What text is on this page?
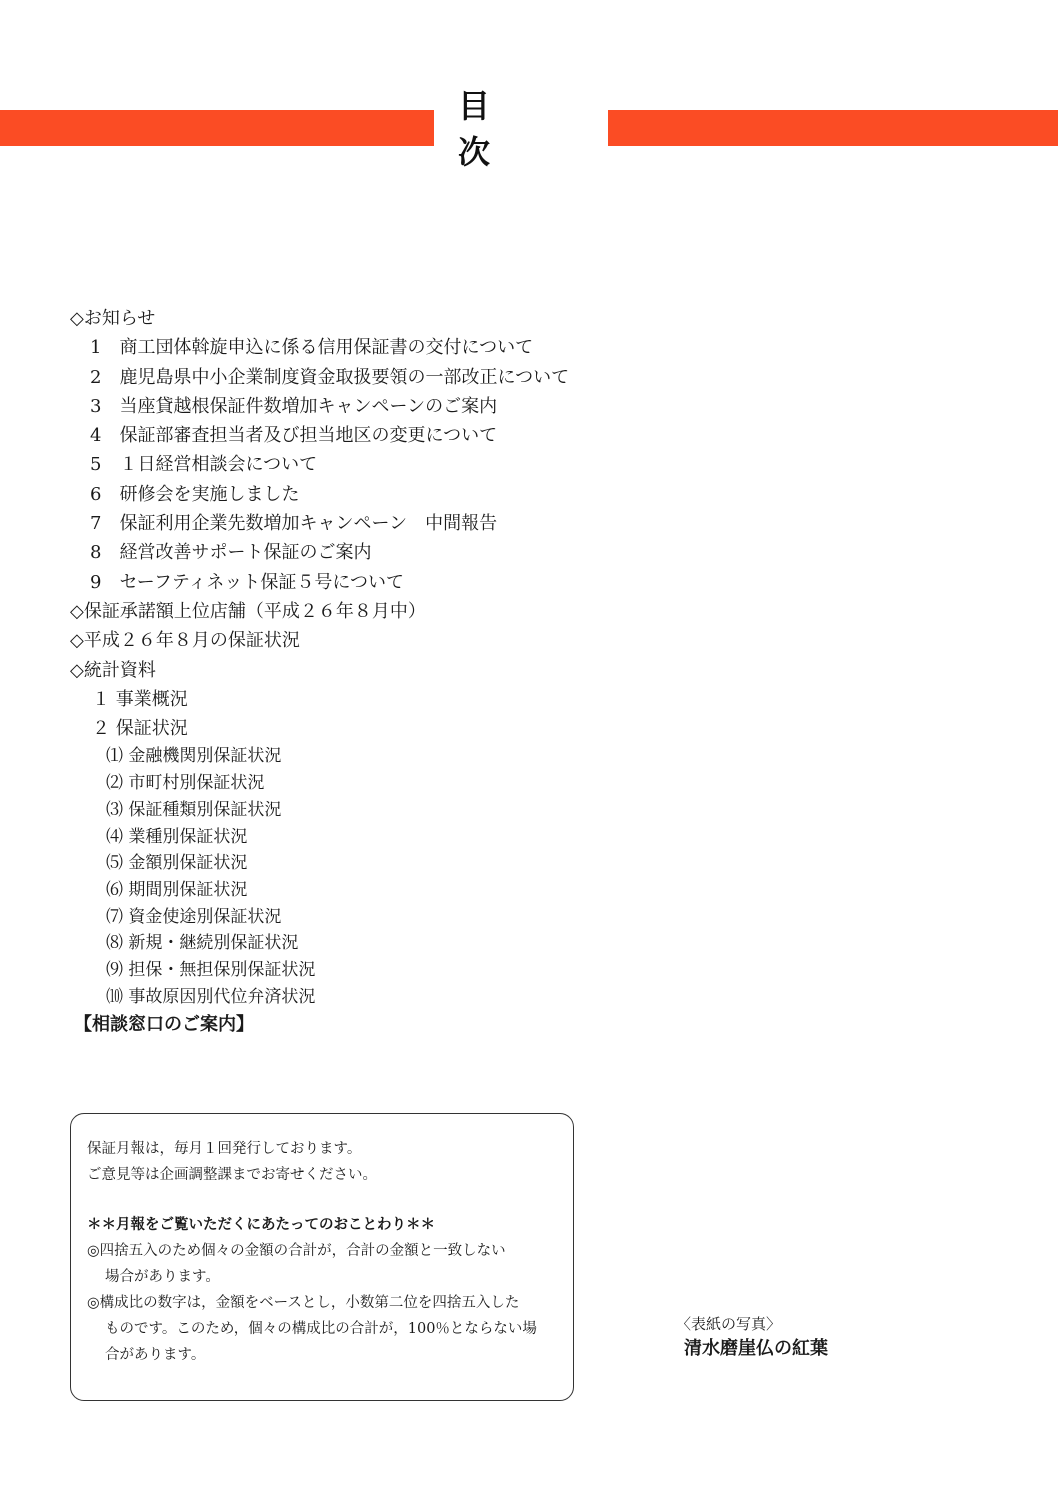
目　次
◇お知らせ
1　商工団体斡旋申込に係る信用保証書の交付について
2　鹿児島県中小企業制度資金取扱要領の一部改正について
3　当座貸越根保証件数増加キャンペーンのご案内
4　保証部審査担当者及び担当地区の変更について
5　１日経営相談会について
6　研修会を実施しました
7　保証利用企業先数増加キャンペーン　中間報告
8　経営改善サポート保証のご案内
9　セーフティネット保証５号について
◇保証承諾額上位店舗（平成２６年８月中）
◇平成２６年８月の保証状況
◇統計資料
１ 事業概況
２ 保証状況
⑴ 金融機関別保証状況
⑵ 市町村別保証状況
⑶ 保証種類別保証状況
⑷ 業種別保証状況
⑸ 金額別保証状況
⑹ 期間別保証状況
⑺ 資金使途別保証状況
⑻ 新規・継続別保証状況
⑼ 担保・無担保別保証状況
⑽ 事故原因別代位弁済状況
【相談窓口のご案内】
保証月報は，毎月１回発行しております。
ご意見等は企画調整課までお寄せください。
＊＊月報をご覧いただくにあたってのおことわり＊＊
◎四捨五入のため個々の金額の合計が，合計の金額と一致しない
場合があります。
◎構成比の数字は，金額をベースとし，小数第二位を四捨五入した
ものです。このため，個々の構成比の合計が，100％とならない場
合があります。
〈表紙の写真〉
清水磨崖仏の紅葉
